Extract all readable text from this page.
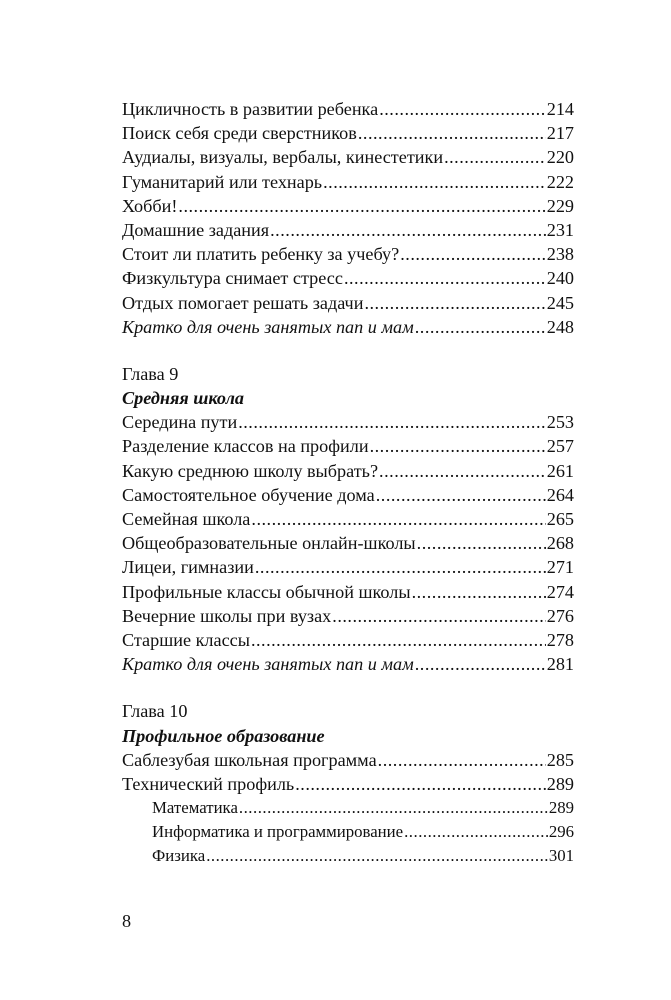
Цикличность в развитии ребенка .....	214
Поиск себя среди сверстников .....	217
Аудиалы, визуалы, вербалы, кинестетики .....	220
Гуманитарий или технарь .....	222
Хобби! .....	229
Домашние задания .....	231
Стоит ли платить ребенку за учебу? .....	238
Физкультура снимает стресс .....	240
Отдых помогает решать задачи .....	245
Кратко для очень занятых пап и мам .....	248
Глава 9
Средняя школа
Середина пути .....	253
Разделение классов на профили .....	257
Какую среднюю школу выбрать? .....	261
Самостоятельное обучение дома .....	264
Семейная школа .....	265
Общеобразовательные онлайн-школы .....	268
Лицеи, гимназии .....	271
Профильные классы обычной школы .....	274
Вечерние школы при вузах .....	276
Старшие классы .....	278
Кратко для очень занятых пап и мам .....	281
Глава 10
Профильное образование
Саблезубая школьная программа .....	285
Технический профиль .....	289
Математика .....	289
Информатика и программирование .....	296
Физика .....	301
8
